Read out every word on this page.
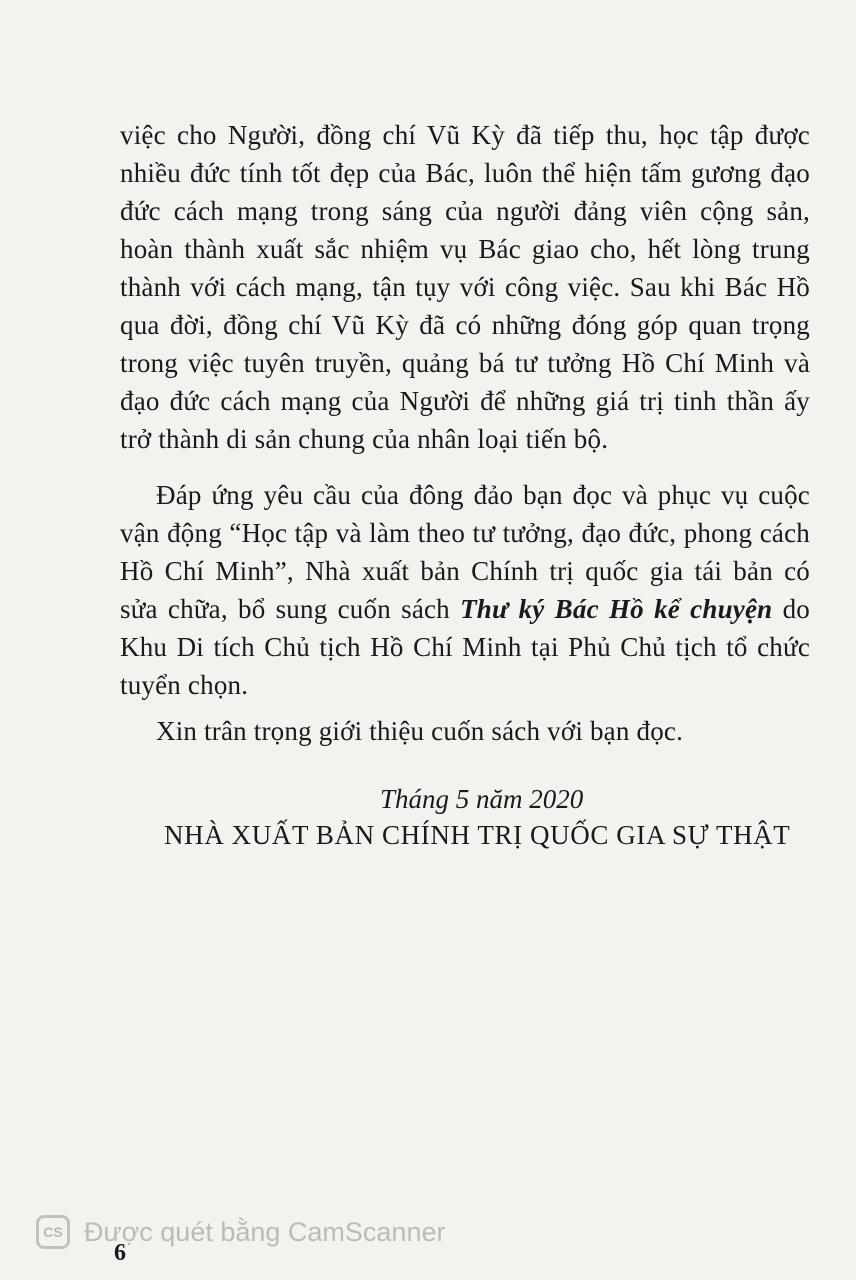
việc cho Người, đồng chí Vũ Kỳ đã tiếp thu, học tập được
nhiều đức tính tốt đẹp của Bác, luôn thể hiện tấm gương đạo
đức cách mạng trong sáng của người đảng viên cộng sản,
hoàn thành xuất sắc nhiệm vụ Bác giao cho, hết lòng trung
thành với cách mạng, tận tụy với công việc. Sau khi Bác Hồ
qua đời, đồng chí Vũ Kỳ đã có những đóng góp quan trọng
trong việc tuyên truyền, quảng bá tư tưởng Hồ Chí Minh và
đạo đức cách mạng của Người để những giá trị tinh thần ấy
trở thành di sản chung của nhân loại tiến bộ.
Đáp ứng yêu cầu của đông đảo bạn đọc và phục vụ cuộc
vận động “Học tập và làm theo tư tưởng, đạo đức, phong cách
Hồ Chí Minh”, Nhà xuất bản Chính trị quốc gia tái bản có
sửa chữa, bổ sung cuốn sách Thư ký Bác Hồ kể chuyện do
Khu Di tích Chủ tịch Hồ Chí Minh tại Phủ Chủ tịch tổ chức
tuyển chọn.
Xin trân trọng giới thiệu cuốn sách với bạn đọc.
Tháng 5 năm 2020
NHÀ XUẤT BẢN CHÍNH TRỊ QUỐC GIA SỰ THẬT
CS Được quét bằng CamScanner
6
